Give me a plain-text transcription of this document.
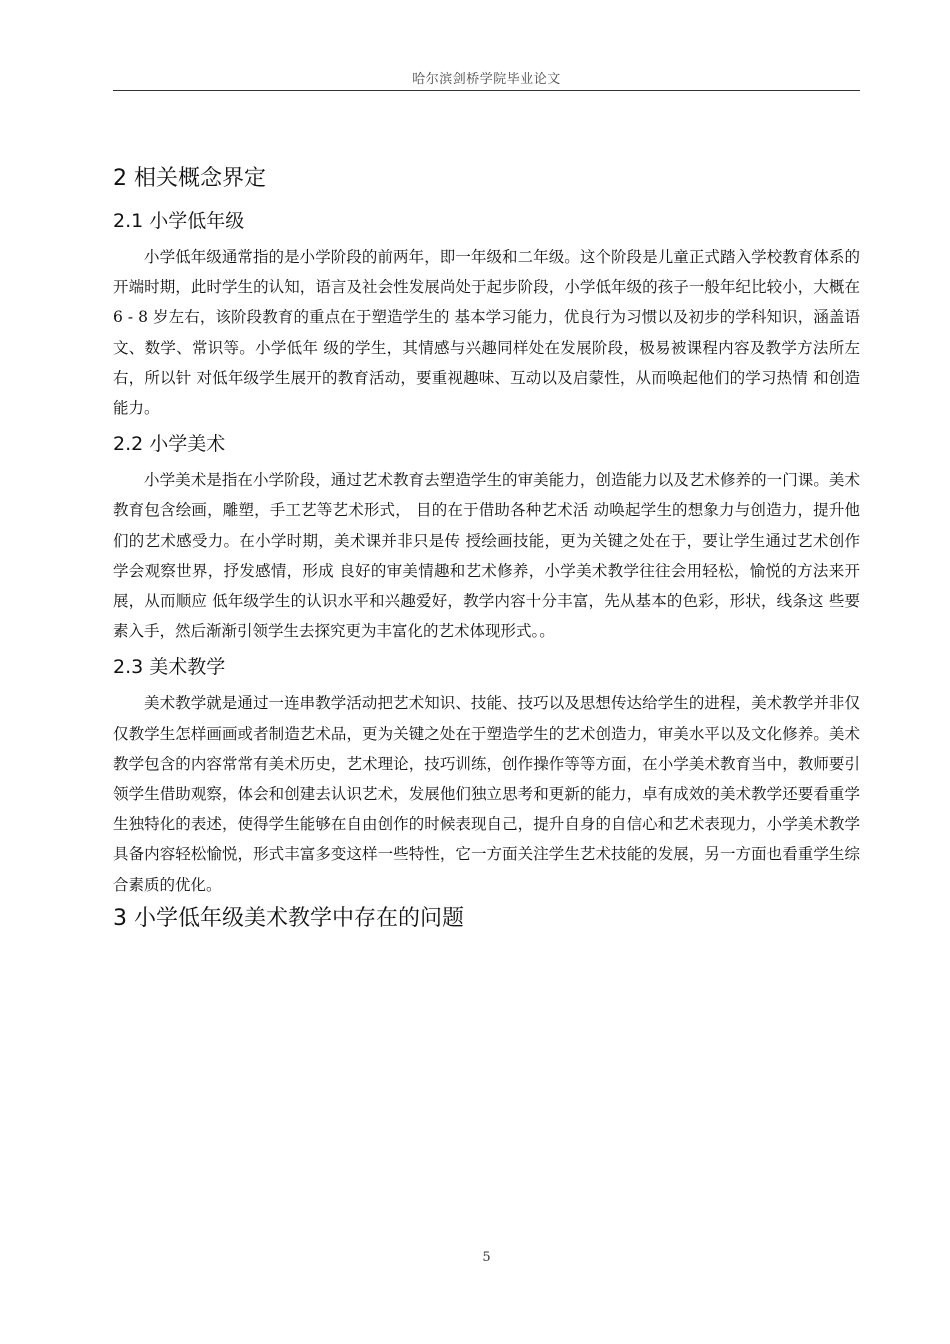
哈尔滨剑桥学院毕业论文
2 相关概念界定
2.1 小学低年级

小学低年级通常指的是小学阶段的前两年，即一年级和二年级。这个阶段是儿童正式踏入学校教育体系的开端时期，此时学生的认知，语言及社会性发展尚处于起步阶段，小学低年级的孩子一般年纪比较小，大概在 6 - 8 岁左右，该阶段教育的重点在于塑造学生的 基本学习能力，优良行为习惯以及初步的学科知识，涵盖语文、数学、常识等。小学低年 级的学生，其情感与兴趣同样处在发展阶段，极易被课程内容及教学方法所左右，所以针 对低年级学生展开的教育活动，要重视趣味、互动以及启蒙性，从而唤起他们的学习热情 和创造能力。

2.2 小学美术

小学美术是指在小学阶段，通过艺术教育去塑造学生的审美能力，创造能力以及艺术修养的一门课。美术教育包含绘画，雕塑，手工艺等艺术形式， 目的在于借助各种艺术活 动唤起学生的想象力与创造力，提升他们的艺术感受力。在小学时期，美术课并非只是传 授绘画技能，更为关键之处在于，要让学生通过艺术创作学会观察世界，抒发感情，形成 良好的审美情趣和艺术修养，小学美术教学往往会用轻松，愉悦的方法来开展，从而顺应 低年级学生的认识水平和兴趣爱好，教学内容十分丰富，先从基本的色彩，形状，线条这 些要素入手，然后渐渐引领学生去探究更为丰富化的艺术体现形式。。

2.3 美术教学

美术教学就是通过一连串教学活动把艺术知识、技能、技巧以及思想传达给学生的进程，美术教学并非仅仅教学生怎样画画或者制造艺术品，更为关键之处在于塑造学生的艺术创造力，审美水平以及文化修养。美术教学包含的内容常常有美术历史，艺术理论，技巧训练，创作操作等等方面，在小学美术教育当中，教师要引领学生借助观察，体会和创建去认识艺术，发展他们独立思考和更新的能力，卓有成效的美术教学还要看重学生独特化的表述，使得学生能够在自由创作的时候表现自己，提升自身的自信心和艺术表现力，小学美术教学具备内容轻松愉悦，形式丰富多变这样一些特性，它一方面关注学生艺术技能的发展，另一方面也看重学生综合素质的优化。

3 小学低年级美术教学中存在的问题
5
